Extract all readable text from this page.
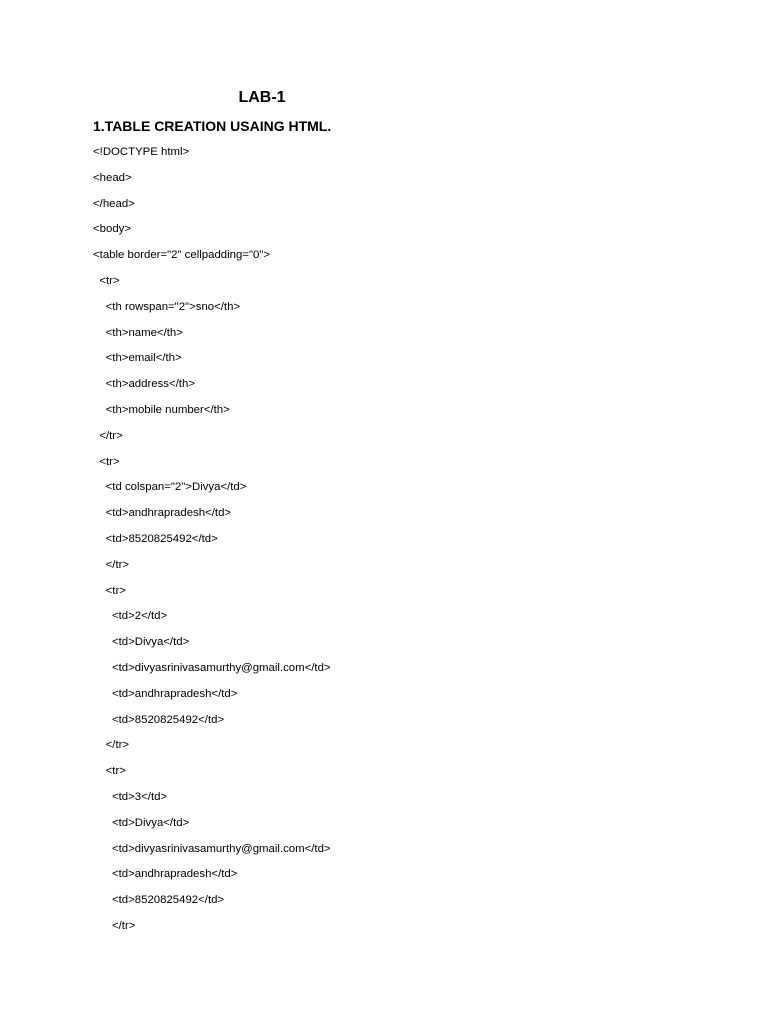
LAB-1
1.TABLE CREATION USAING HTML.
<!DOCTYPE html>
<head>
</head>
<body>
<table border="2" cellpadding="0">
<tr>
<th rowspan="2">sno</th>
<th>name</th>
<th>email</th>
<th>address</th>
<th>mobile number</th>
</tr>
<tr>
<td colspan="2">Divya</td>
<td>andhrapradesh</td>
<td>8520825492</td>
</tr>
<tr>
<td>2</td>
<td>Divya</td>
<td>divyasrinivasamurthy@gmail.com</td>
<td>andhrapradesh</td>
<td>8520825492</td>
</tr>
<tr>
<td>3</td>
<td>Divya</td>
<td>divyasrinivasamurthy@gmail.com</td>
<td>andhrapradesh</td>
<td>8520825492</td>
</tr>
